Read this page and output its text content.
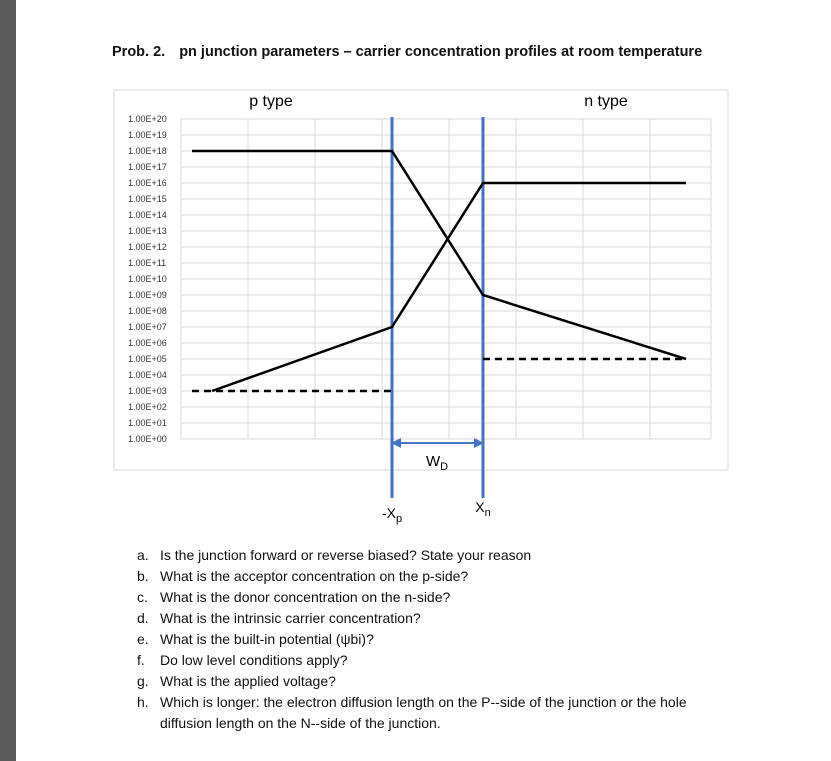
Prob. 2. pn junction parameters – carrier concentration profiles at room temperature
1.00E+20
1.00E+19
1.00E+18
1.00E+17
1.00E+16
1.00E+15
1.00E+14
1.00E+13
1.00E+12
1.00E+11
1.00E+10
1.00E+09
1.00E+08
1.00E+07
1.00E+06
1.00E+05
1.00E+04
1.00E+03
1.00E+02
1.00E+01
1.00E+00
p type	n type
$W_D$
$-X_p$
$X_n$
a. Is the junction forward or reverse biased? State your reason
b. What is the acceptor concentration on the p-side?
c. What is the donor concentration on the n-side?
d. What is the intrinsic carrier concentration?
e. What is the built-in potential (ψbi)?
f.	Do low level conditions apply?
g. What is the applied voltage?
h. Which is longer: the electron diffusion length on the P--side of the junction or the hole diffusion length on the N--side of the junction.
